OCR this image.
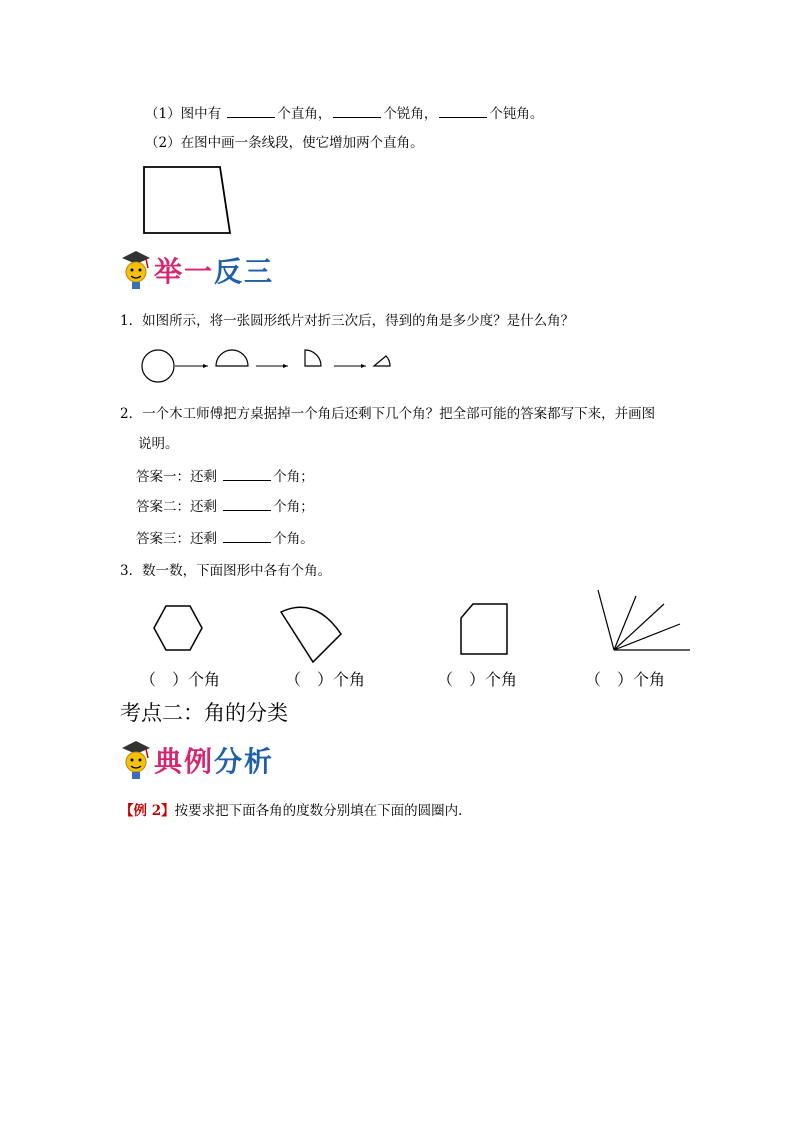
（1）图中有	个直角，	个锐角，	个钝角。
（2）在图中画一条线段，使它增加两个直角。
举一反三
1．如图所示，将一张圆形纸片对折三次后，得到的角是多少度？是什么角？
2．一个木工师傅把方桌据掉一个角后还剩下几个角？把全部可能的答案都写下来，并画图
说明。
答案一：还剩	个角；
答案二：还剩	个角；
答案三：还剩	个角。
3．数一数，下面图形中各有个角。
（　）个角	（　）个角	（　）个角	（　）个角
考点二：角的分类
典例分析
【例 2】按要求把下面各角的度数分别填在下面的圆圈内.
